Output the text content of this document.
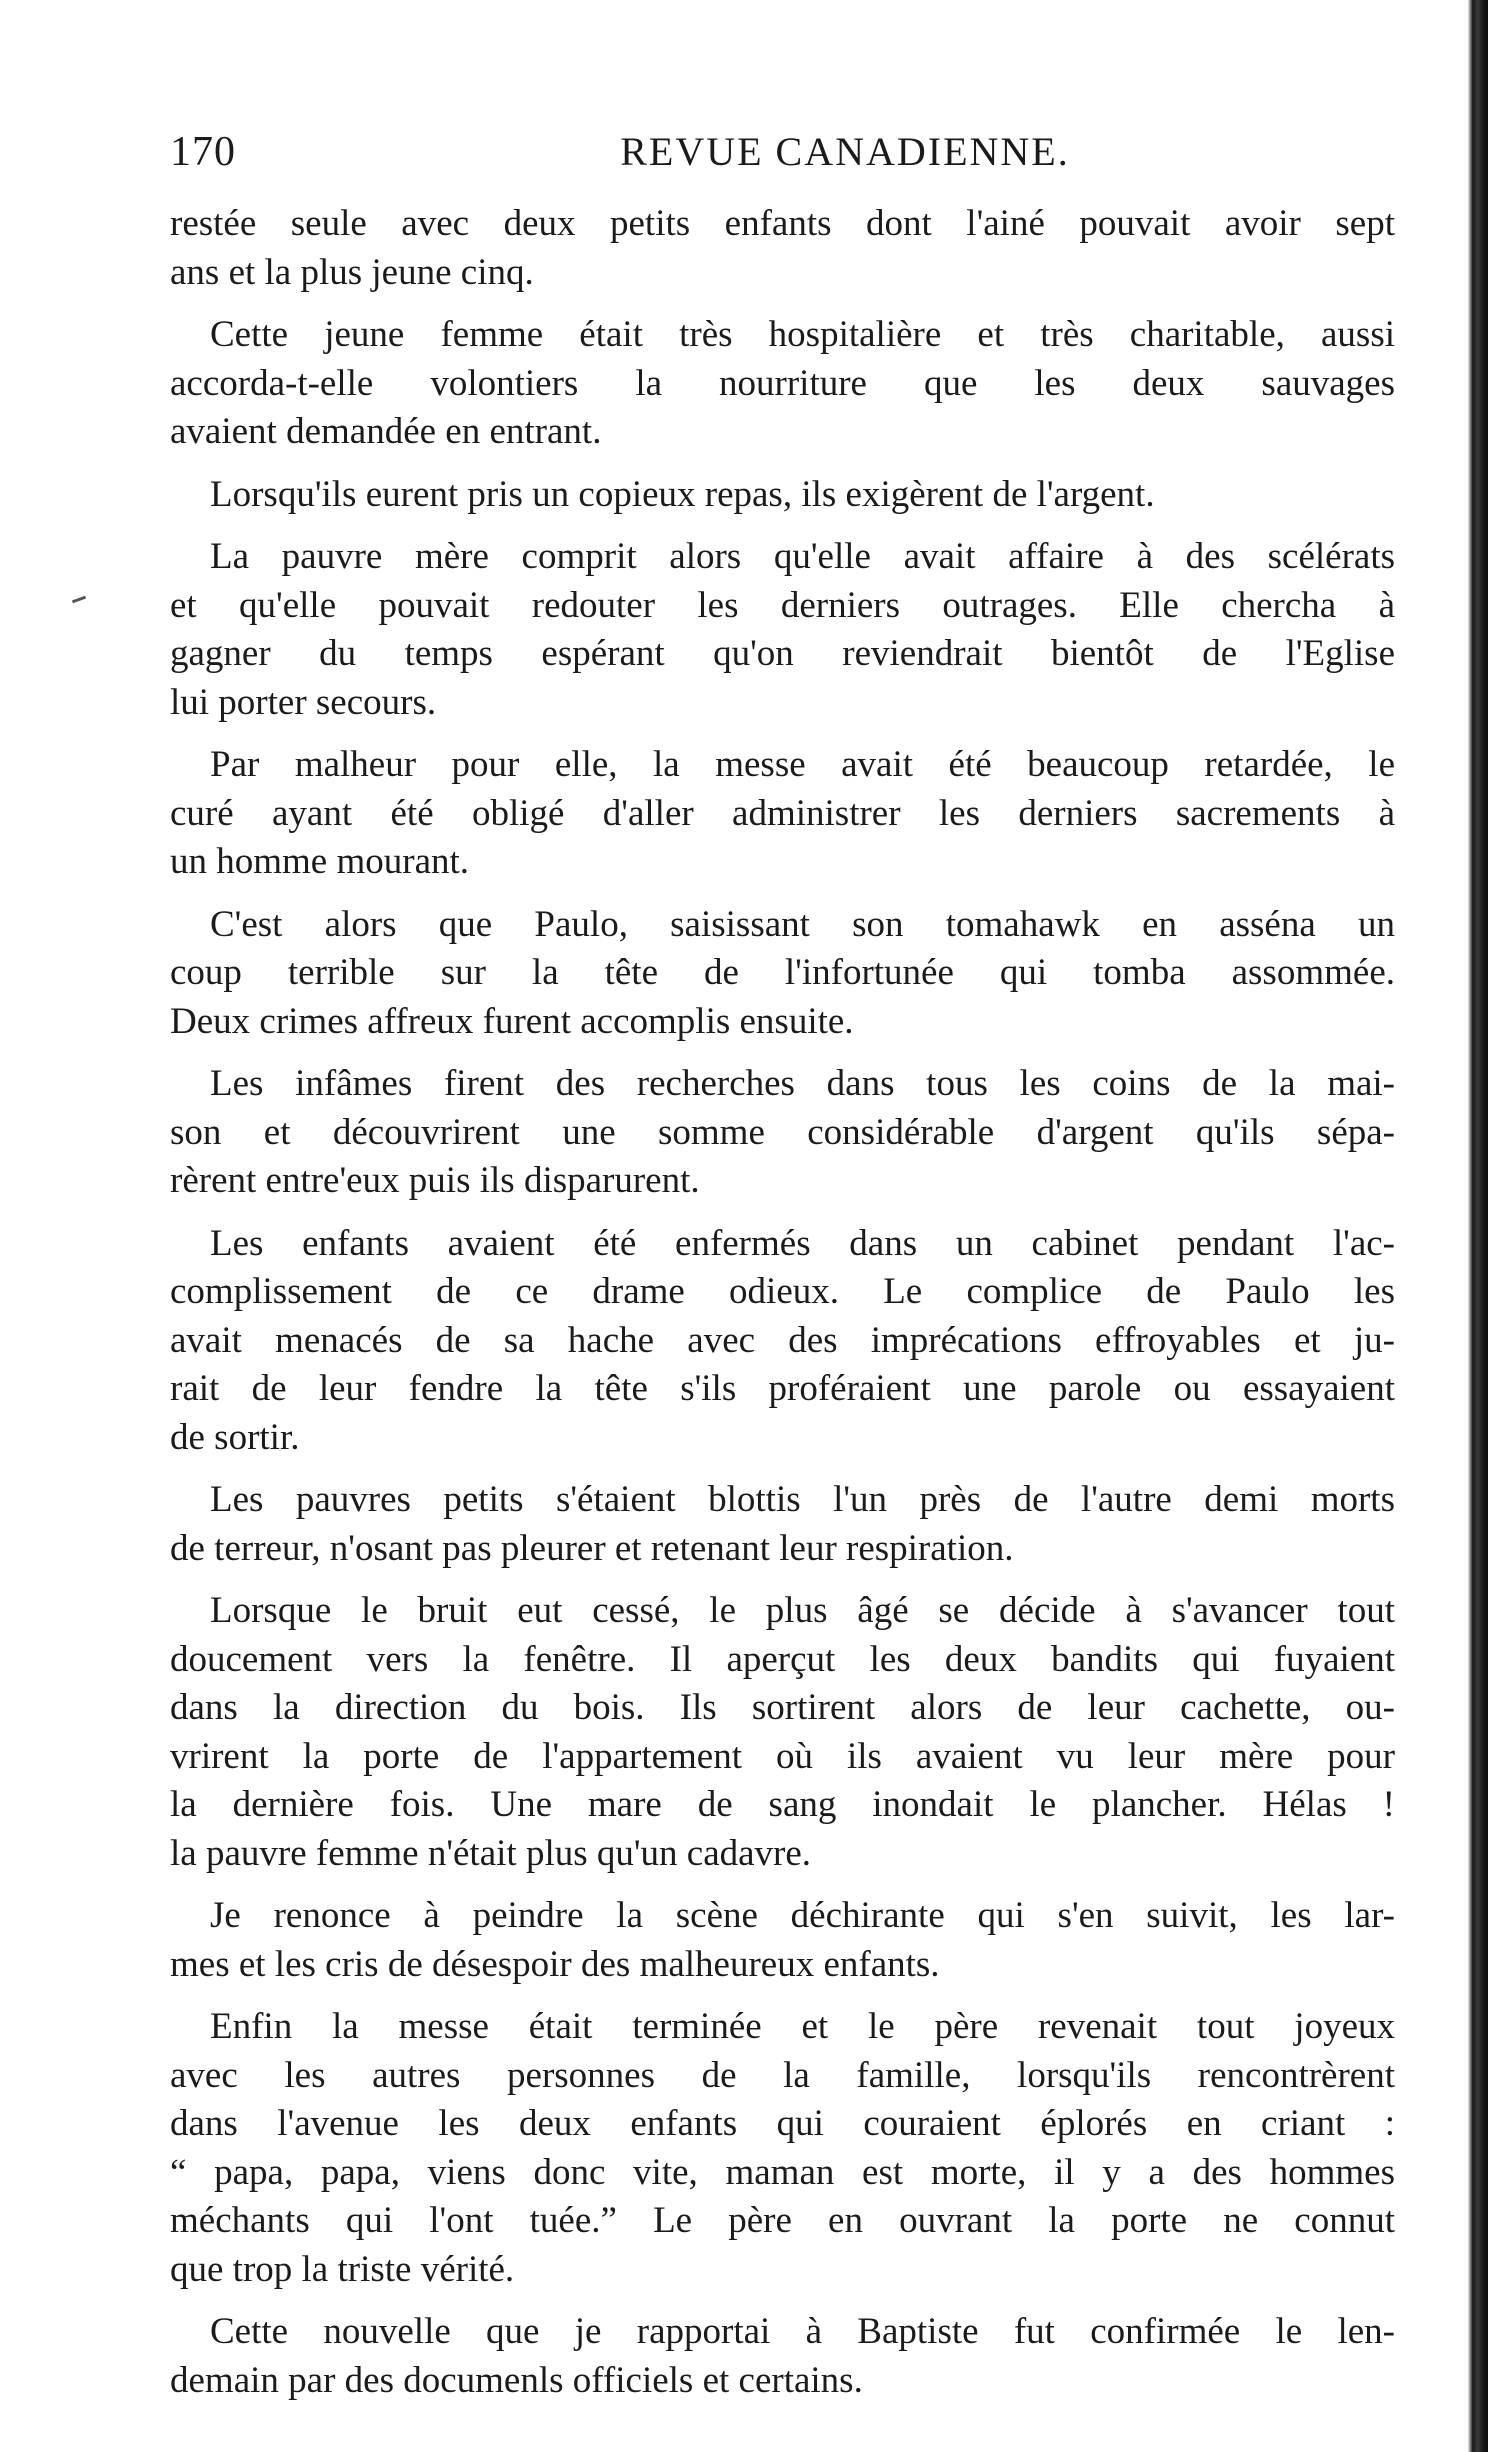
170	REVUE CANADIENNE.
restée seule avec deux petits enfants dont l'ainé pouvait avoir sept
ans et la plus jeune cinq.
Cette jeune femme était très hospitalière et très charitable, aussi
accorda-t-elle volontiers la nourriture que les deux sauvages
avaient demandée en entrant.
Lorsqu'ils eurent pris un copieux repas, ils exigèrent de l'argent.
La pauvre mère comprit alors qu'elle avait affaire à des scélérats
et qu'elle pouvait redouter les derniers outrages. Elle chercha à
gagner du temps espérant qu'on reviendrait bientôt de l'Eglise
lui porter secours.
Par malheur pour elle, la messe avait été beaucoup retardée, le
curé ayant été obligé d'aller administrer les derniers sacrements à
un homme mourant.
C'est alors que Paulo, saisissant son tomahawk en asséna un
coup terrible sur la tête de l'infortunée qui tomba assommée.
Deux crimes affreux furent accomplis ensuite.
Les infâmes firent des recherches dans tous les coins de la mai-
son et découvrirent une somme considérable d'argent qu'ils sépa-
rèrent entre'eux puis ils disparurent.
Les enfants avaient été enfermés dans un cabinet pendant l'ac-
complissement de ce drame odieux. Le complice de Paulo les
avait menacés de sa hache avec des imprécations effroyables et ju-
rait de leur fendre la tête s'ils proféraient une parole ou essayaient
de sortir.
Les pauvres petits s'étaient blottis l'un près de l'autre demi morts
de terreur, n'osant pas pleurer et retenant leur respiration.
Lorsque le bruit eut cessé, le plus âgé se décide à s'avancer tout
doucement vers la fenêtre. Il aperçut les deux bandits qui fuyaient
dans la direction du bois. Ils sortirent alors de leur cachette, ou-
vrirent la porte de l'appartement où ils avaient vu leur mère pour
la dernière fois. Une mare de sang inondait le plancher. Hélas !
la pauvre femme n'était plus qu'un cadavre.
Je renonce à peindre la scène déchirante qui s'en suivit, les lar-
mes et les cris de désespoir des malheureux enfants.
Enfin la messe était terminée et le père revenait tout joyeux
avec les autres personnes de la famille, lorsqu'ils rencontrèrent
dans l'avenue les deux enfants qui couraient éplorés en criant :
“ papa, papa, viens donc vite, maman est morte, il y a des hommes
méchants qui l'ont tuée.” Le père en ouvrant la porte ne connut
que trop la triste vérité.
Cette nouvelle que je rapportai à Baptiste fut confirmée le len-
demain par des documenls officiels et certains.
